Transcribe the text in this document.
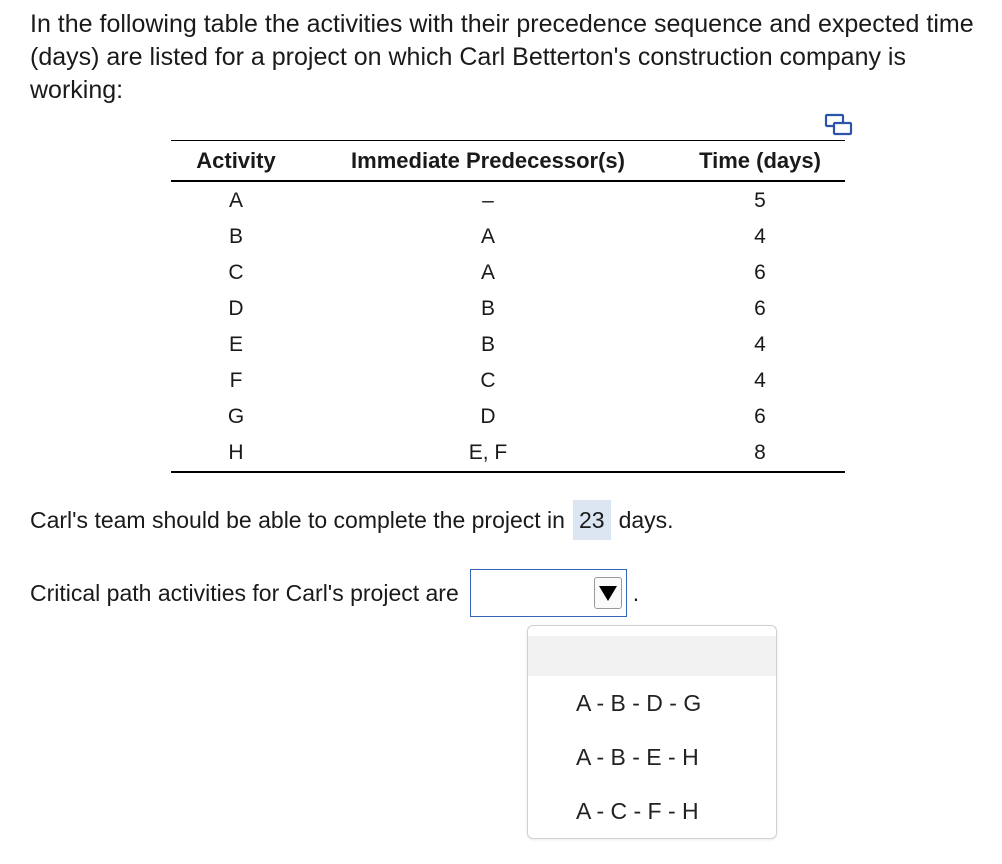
In the following table the activities with their precedence sequence and expected time (days) are listed for a project on which Carl Betterton's construction company is working:

Activity	Immediate Predecessor(s)	Time (days)
A	–	5
B	A	4
C	A	6
D	B	6
E	B	4
F	C	4
G	D	6
H	E, F	8
Carl's team should be able to complete the project in 23 days.
Critical path activities for Carl's project are	.
A - B - D - G
A - B - E - H
A - C - F - H
